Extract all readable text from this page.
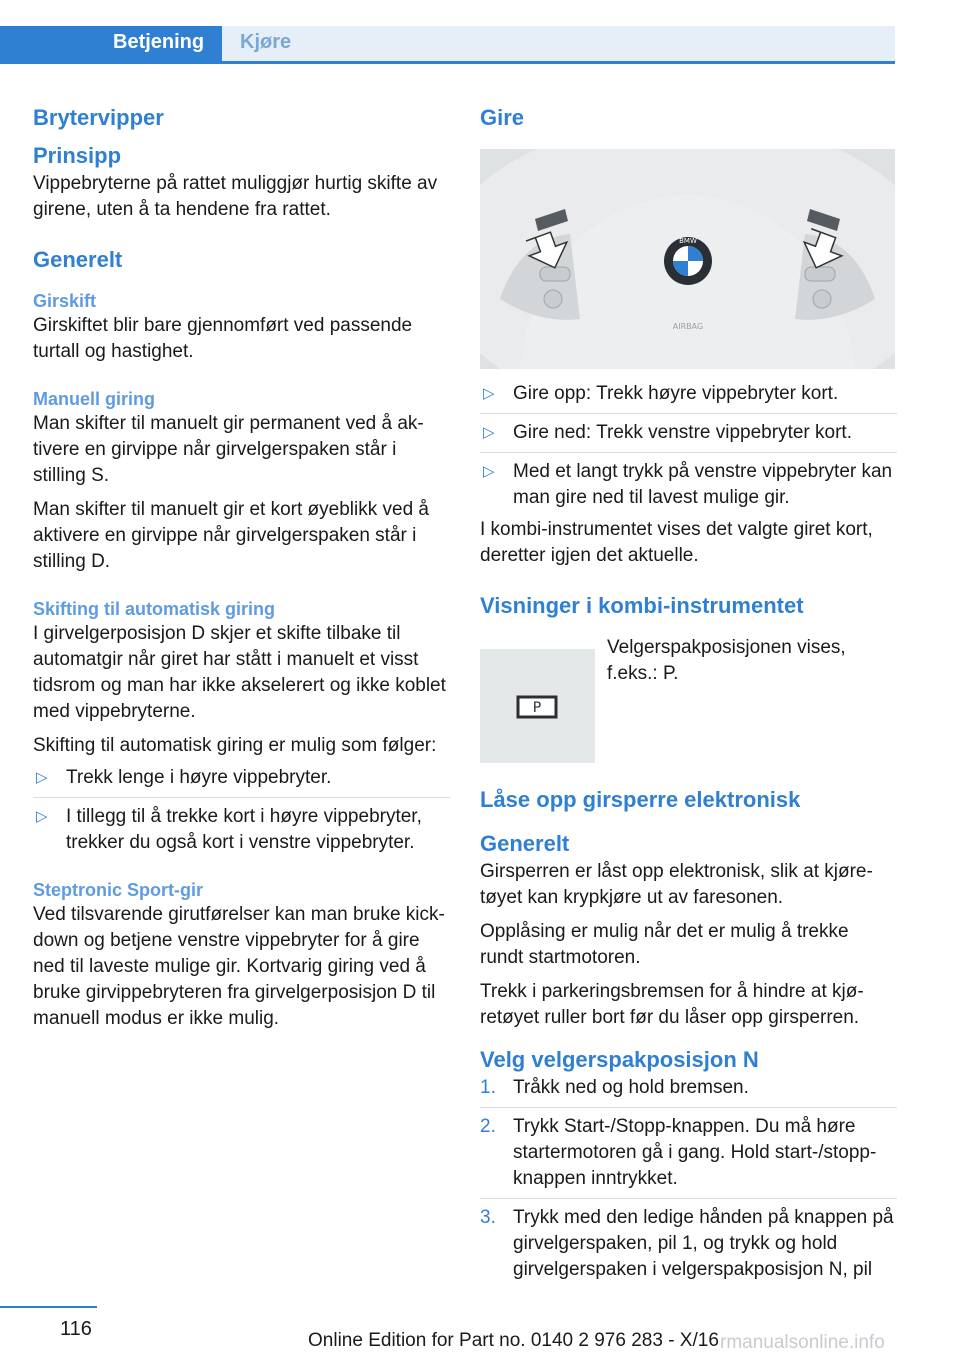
Betjening	Kjøre
Brytervipper
Prinsipp

Vippebryterne på rattet muliggjør hurtig skifte av girene, uten å ta hendene fra rattet.

Generelt
Girskift

Girskiftet blir bare gjennomført ved passende turtall og hastighet.

Manuell giring

Man skifter til manuelt gir permanent ved å aktivere en girvippe når girvelgerspaken står i stilling S.

Man skifter til manuelt gir et kort øyeblikk ved å aktivere en girvippe når girvelgerspaken står i stilling D.

Skifting til automatisk giring

I girvelgerposisjon D skjer et skifte tilbake til automatgir når giret har stått i manuelt et visst tidsrom og man har ikke akselerert og ikke koblet med vippebryterne.

Skifting til automatisk giring er mulig som følger:

▷ Trekk lenge i høyre vippebryter.
▷ I tillegg til å trekke kort i høyre vippebryter, trekker du også kort i venstre vippebryter.
Steptronic Sport-gir

Ved tilsvarende girutførelser kan man bruke kick-down og betjene venstre vippebryter for å gire ned til laveste mulige gir. Kortvarig giring ved å bruke girvippebryteren fra girvelgerposisjon D til manuell modus er ikke mulig.

Gire
BMW
AIRBAG
▷ Gire opp: Trekk høyre vippebryter kort.
▷ Gire ned: Trekk venstre vippebryter kort.
▷ Med et langt trykk på venstre vippebryter kan man gire ned til lavest mulige gir.

I kombi-instrumentet vises det valgte giret kort, deretter igjen det aktuelle.

Visninger i kombi-instrumentet
P

Velgerspakposisjonen vises, f.eks.: P.

Låse opp girsperre elektronisk
Generelt

Girsperren er låst opp elektronisk, slik at kjøretøyet kan krypkjøre ut av faresonen.

Opplåsing er mulig når det er mulig å trekke rundt startmotoren.

Trekk i parkeringsbremsen for å hindre at kjøretøyet ruller bort før du låser opp girsperren.

Velg velgerspakposisjon N
1. Tråkk ned og hold bremsen.
2. Trykk Start-/Stopp-knappen. Du må høre startermotoren gå i gang. Hold start-/stopp-knappen inntrykket.
3. Trykk med den ledige hånden på knappen på girvelgerspaken, pil 1, og trykk og hold girvelgerspaken i velgerspakposisjon N, pil
116
Online Edition for Part no. 0140 2 976 283 - X/16 rmanualsonline.info
